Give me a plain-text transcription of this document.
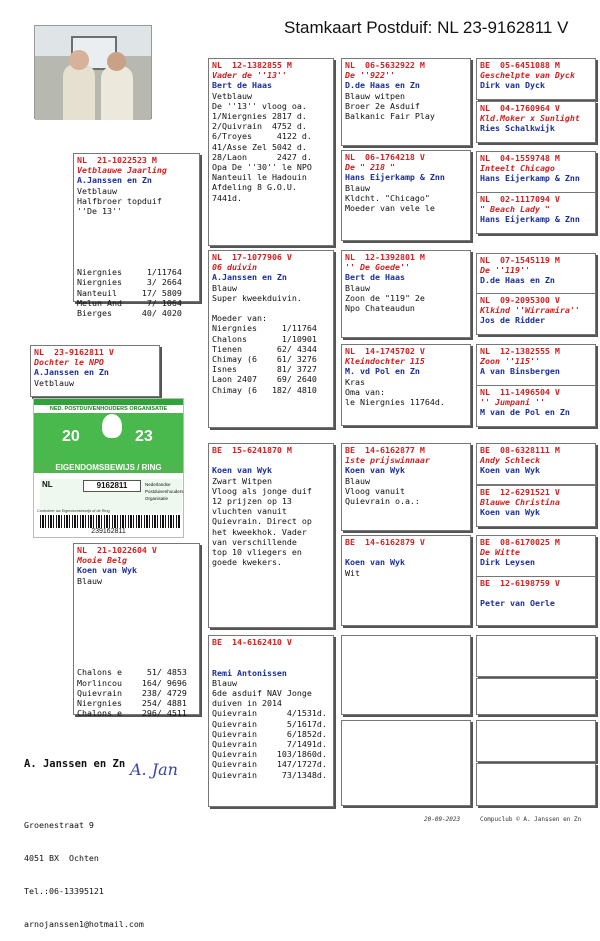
Stamkaart Postduif: NL 23-9162811 V
NL  23-9162811 V
Dochter le NPO
A.Janssen en Zn
Vetblauw
NED. POSTDUIVENHOUDERS ORGANISATIE
20	23
EIGENDOMSBEWIJS / RING
NL	9162811	Nederlandse
Postduivenhouders
Organisatie
Controleer uw Eigendomsbewijs of de Ring
239162811
NL  21-1022523 M
Vetblauwe Jaarling
A.Janssen en Zn
Vetblauw
Halfbroer topduif
''De 13''
Niergnies     1/11764
Niergnies     3/ 2664
Nanteuil     17/ 5809
Melun And     7/ 1064
Bierges      40/ 4020
NL  21-1022604 V
Mooie Belg
Koen van Wyk
Blauw
Chalons e     51/ 4853
Morlincou    164/ 9696
Quievrain    238/ 4729
Niergnies    254/ 4881
Chalons e    296/ 4511
NL  12-1382855 M
Vader de ''13''
Bert de Haas
Vetblauw
De ''13'' vloog oa.
1/Niergnies 2817 d.
2/Quivrain  4752 d.
6/Troyes     4122 d.
41/Asse Zel 5042 d.
28/Laon      2427 d.
Opa De ''30'' le NPO
Nanteuil le Hadouin
Afdeling 8 G.O.U.
7441d.
NL  17-1077906 V
06 duivin
A.Janssen en Zn
Blauw
Super kweekduivin.
Moeder van:
Niergnies     1/11764
Chalons       1/10901
Tienen       62/ 4344
Chimay (6    61/ 3276
Isnes        81/ 3727
Laon 2407    69/ 2640
Chimay (6   182/ 4810
BE  15-6241870 M
Koen van Wyk
Zwart Witpen
Vloog als jonge duif
12 prijzen op 13
vluchten vanuit
Quievrain. Direct op
het kweekhok. Vader
van verschillende
top 10 vliegers en
goede kwekers.
BE  14-6162410 V
Remi Antonissen
Blauw
6de asduif NAV Jonge
duiven in 2014
Quievrain      4/1531d.
Quievrain      5/1617d.
Quievrain      6/1852d.
Quievrain      7/1491d.
Quievrain    103/1860d.
Quievrain    147/1727d.
Quievrain     73/1348d.
NL  06-5632922 M
De ''922''
D.de Haas en Zn
Blauw witpen
Broer 2e Asduif
Balkanic Fair Play
NL  06-1764218 V
De " 218 "
Hans Eijerkamp & Znn
Blauw
Kldcht. "Chicago"
Moeder van vele le
NL  12-1392801 M
'' De Goede''
Bert de Haas
Blauw
Zoon de "119" 2e
Npo Chateaudun
NL  14-1745702 V
Kleindochter 115
M. vd Pol en Zn
Kras
Oma van:
le Niergnies 11764d.
BE  14-6162877 M
1ste prijswinnaar
Koen van Wyk
Blauw
Vloog vanuit
Quievrain o.a.:
BE  14-6162879 V
Koen van Wyk
Wit
BE  05-6451088 M
Geschelpte van Dyck
Dirk van Dyck
NL  04-1760964 V
Kld.Moker x Sunlight
Ries Schalkwijk
NL  04-1559748 M
Inteelt Chicago
Hans Eijerkamp & Znn
NL  02-1117094 V
" Beach Lady "
Hans Eijerkamp & Znn
NL  07-1545119 M
De ''119''
D.de Haas en Zn
NL  09-2095300 V
Klkind ''Wirramira''
Jos de Ridder
NL  12-1382555 M
Zoon ''115''
A van Binsbergen
NL  11-1496504 V
'' Jumpani ''
M van de Pol en Zn
BE  08-6328111 M
Andy Schleck
Koen van Wyk
BE  12-6291521 V
Blauwe Christina
Koen van Wyk
BE  08-6170025 M
De Witte
Dirk Leysen
BE  12-6198759 V
Peter van Oerle

A. Janssen en Zn

Groenestraat 9

4051 BX  Ochten

Tel.:06-13395121

arnojanssen1@hotmail.com

A. Jan
20-09-2023	Compuclub © A. Janssen en Zn
